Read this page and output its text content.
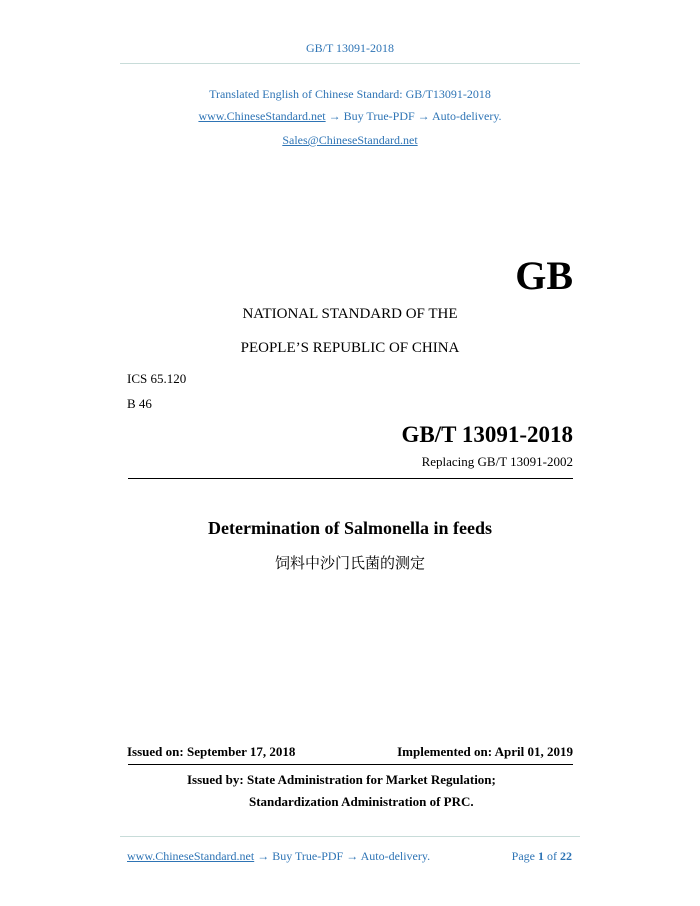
GB/T 13091-2018
Translated English of Chinese Standard: GB/T13091-2018
www.ChineseStandard.net → Buy True-PDF → Auto-delivery.
Sales@ChineseStandard.net
GB
NATIONAL STANDARD OF THE
PEOPLE’S REPUBLIC OF CHINA
ICS 65.120
B 46
GB/T 13091-2018
Replacing GB/T 13091-2002
Determination of Salmonella in feeds
饲料中沙门氏菌的测定
Issued on: September 17, 2018	Implemented on: April 01, 2019
Issued by: State Administration for Market Regulation;
Standardization Administration of PRC.
www.ChineseStandard.net → Buy True-PDF → Auto-delivery.	Page 1 of 22
